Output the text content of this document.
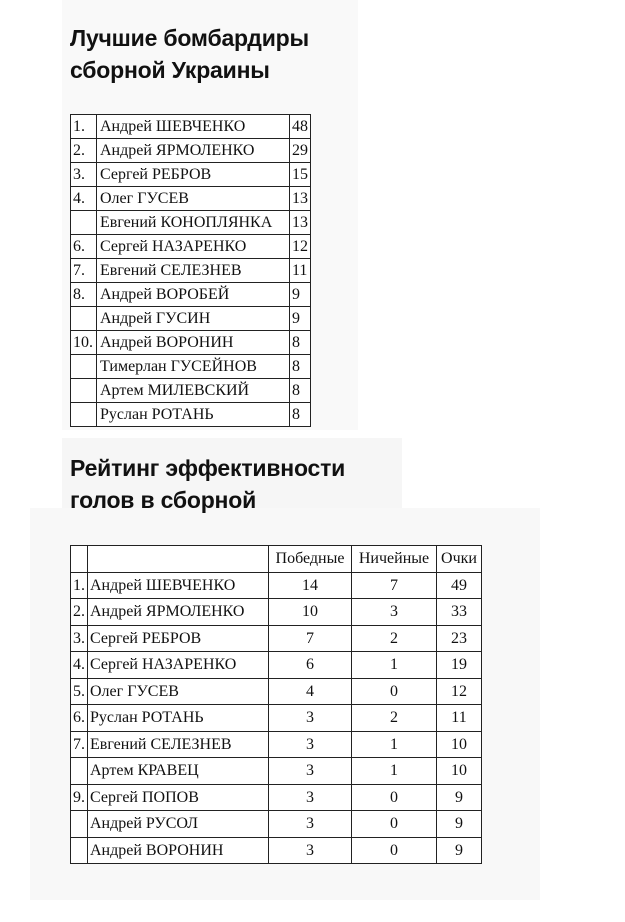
Лучшие бомбардиры
сборной Украины
1.	Андрей ШЕВЧЕНКО	48
2.	Андрей ЯРМОЛЕНКО	29
3.	Сергей РЕБРОВ	15
4.	Олег ГУСЕВ	13
	Евгений КОНОПЛЯНКА	13
6.	Сергей НАЗАРЕНКО	12
7.	Евгений СЕЛЕЗНЕВ	11
8.	Андрей ВОРОБЕЙ	9
	Андрей ГУСИН	9
10.	Андрей ВОРОНИН	8
	Тимерлан ГУСЕЙНОВ	8
	Артем МИЛЕВСКИЙ	8
	Руслан РОТАНЬ	8
Рейтинг эффективности
голов в сборной
		Победные	Ничейные	Очки
1.	Андрей ШЕВЧЕНКО	14	7	49
2.	Андрей ЯРМОЛЕНКО	10	3	33
3.	Сергей РЕБРОВ	7	2	23
4.	Сергей НАЗАРЕНКО	6	1	19
5.	Олег ГУСЕВ	4	0	12
6.	Руслан РОТАНЬ	3	2	11
7.	Евгений СЕЛЕЗНЕВ	3	1	10
	Артем КРАВЕЦ	3	1	10
9.	Сергей ПОПОВ	3	0	9
	Андрей РУСОЛ	3	0	9
	Андрей ВОРОНИН	3	0	9
